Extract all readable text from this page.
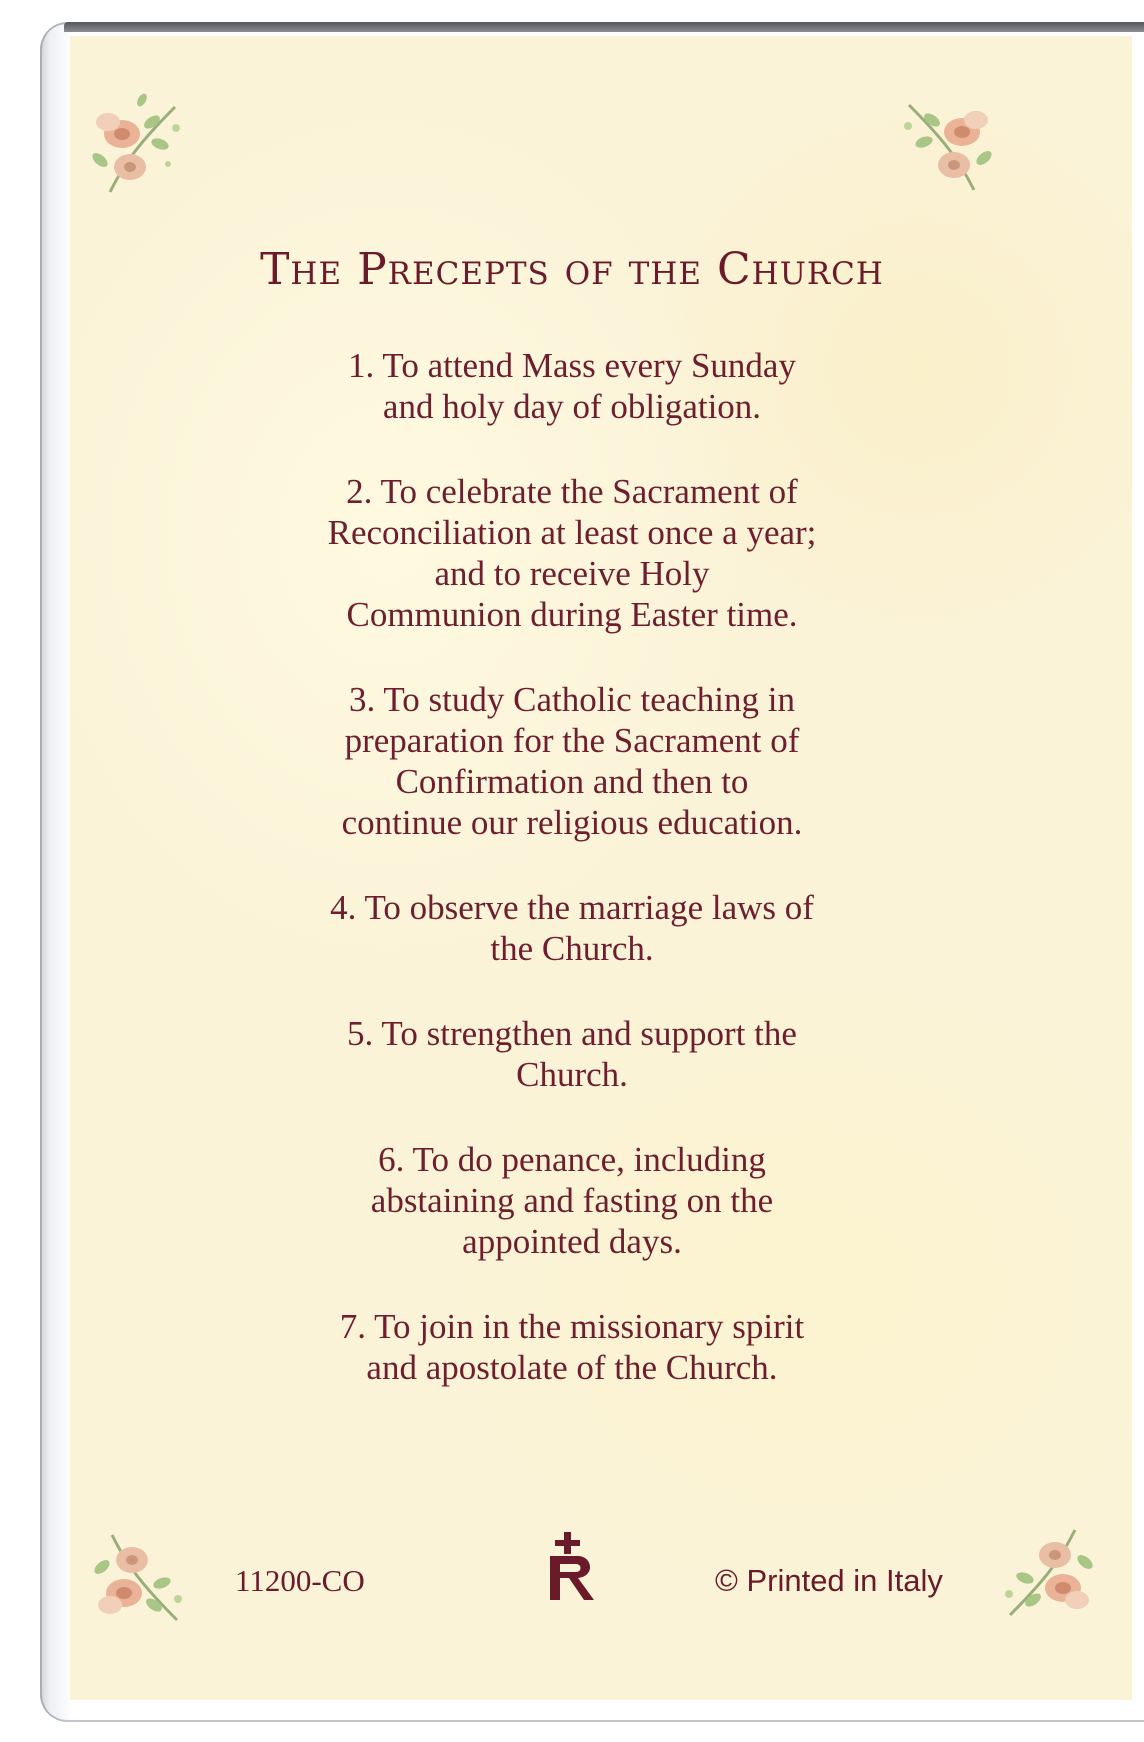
The Precepts of the Church
1. To attend Mass every Sunday
and holy day of obligation.
2. To celebrate the Sacrament of
Reconciliation at least once a year;
and to receive Holy
Communion during Easter time.
3. To study Catholic teaching in
preparation for the Sacrament of
Confirmation and then to
continue our religious education.
4. To observe the marriage laws of
the Church.
5. To strengthen and support the
Church.
6. To do penance, including
abstaining and fasting on the
appointed days.
7. To join in the missionary spirit
and apostolate of the Church.
11200-CO	© Printed in Italy
